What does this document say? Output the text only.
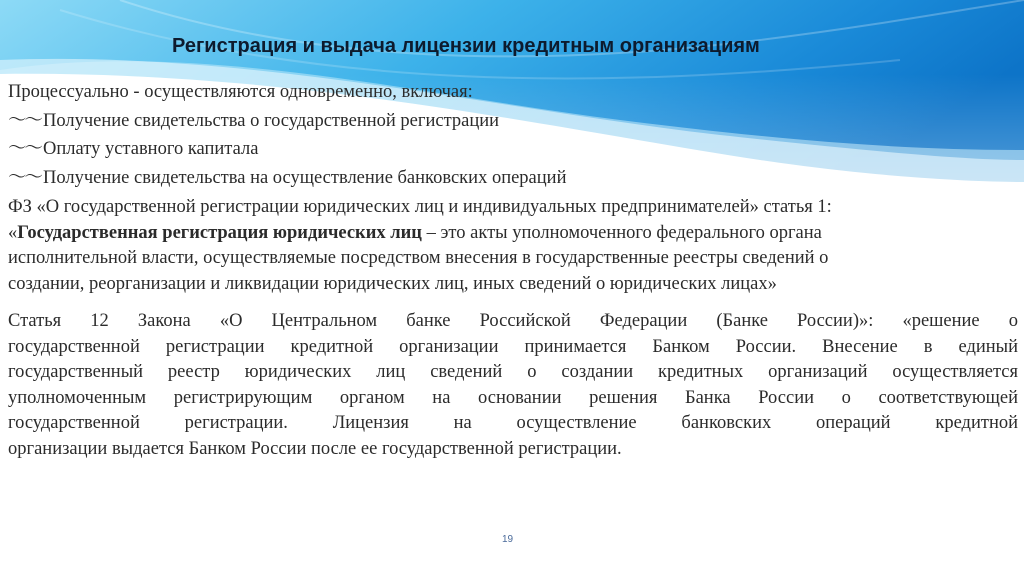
Регистрация и выдача лицензии кредитным организациям

Процессуально - осуществляются одновременно, включая:

〜〜 Получение свидетельства о государственной регистрации

〜〜 Оплату уставного капитала

〜〜 Получение свидетельства на осуществление банковских операций

ФЗ «О государственной регистрации юридических лиц и индивидуальных предпринимателей» статья 1:
«Государственная регистрация юридических лиц – это акты уполномоченного федерального органа
исполнительной власти, осуществляемые посредством внесения в государственные реестры сведений о
создании, реорганизации и ликвидации юридических лиц, иных сведений о юридических лицах»
Статья 12 Закона «О Центральном банке Российской Федерации (Банке России)»: «решение о
государственной регистрации кредитной организации принимается Банком России. Внесение в единый
государственный реестр юридических лиц сведений о создании кредитных организаций осуществляется
уполномоченным регистрирующим органом на основании решения Банка России о соответствующей
государственной регистрации. Лицензия на осуществление банковских операций кредитной
организации выдается Банком России после ее государственной регистрации.
19
